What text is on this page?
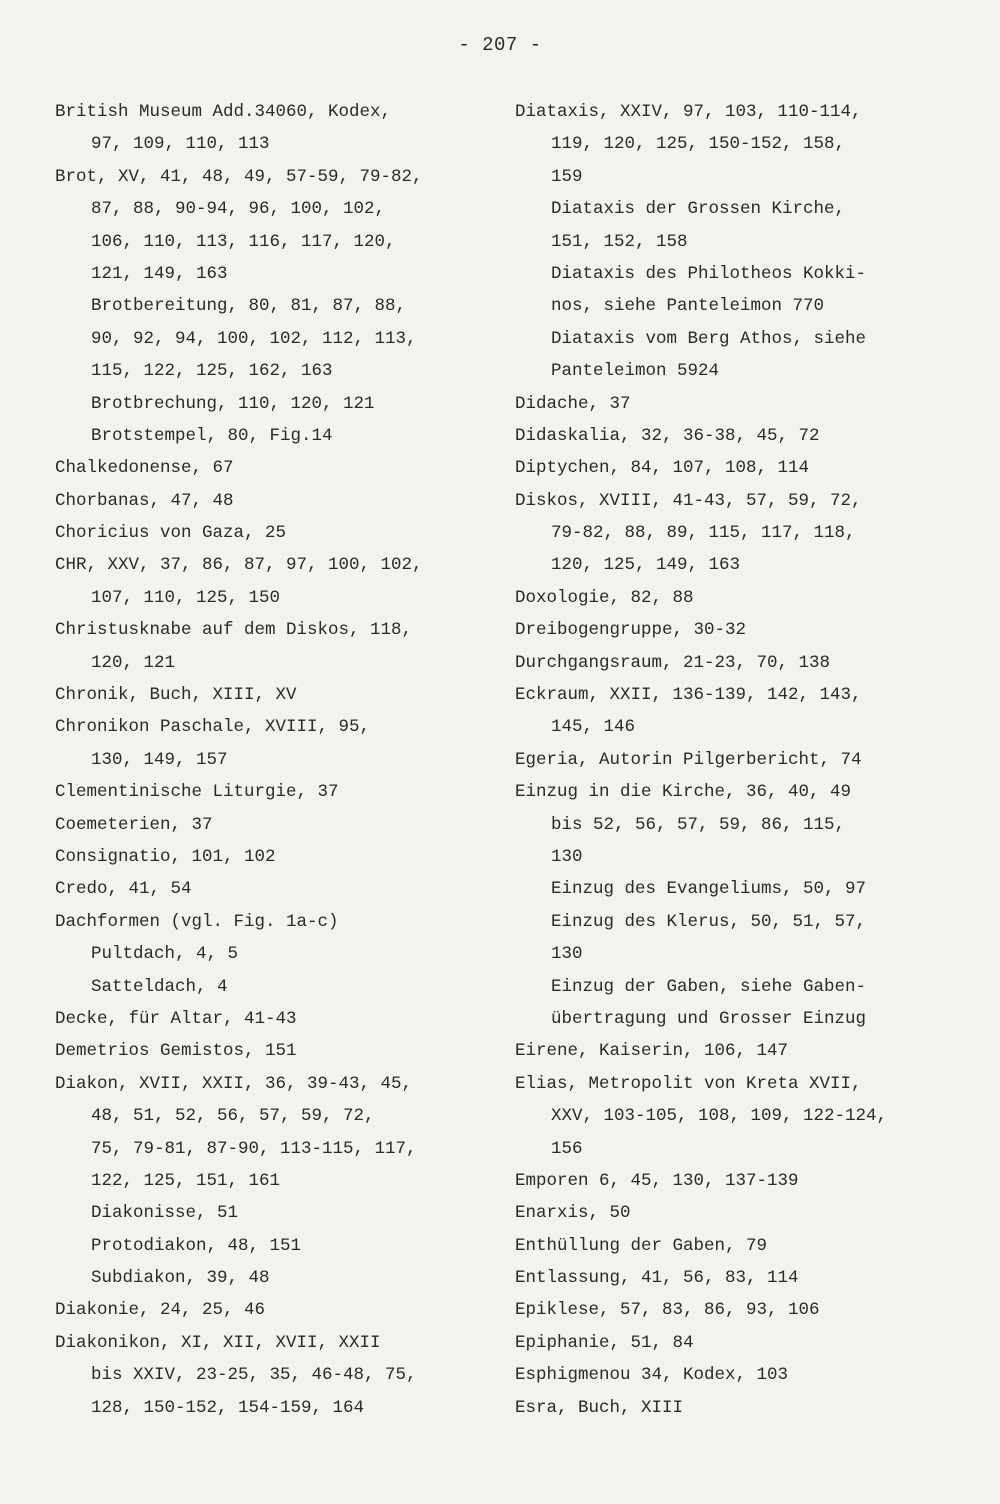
- 207 -
British Museum Add.34060, Kodex,
97, 109, 110, 113
Brot, XV, 41, 48, 49, 57-59, 79-82,
87, 88, 90-94, 96, 100, 102,
106, 110, 113, 116, 117, 120,
121, 149, 163
Brotbereitung, 80, 81, 87, 88,
90, 92, 94, 100, 102, 112, 113,
115, 122, 125, 162, 163
Brotbrechung, 110, 120, 121
Brotstempel, 80, Fig.14
Chalkedonense, 67
Chorbanas, 47, 48
Choricius von Gaza, 25
CHR, XXV, 37, 86, 87, 97, 100, 102,
107, 110, 125, 150
Christusknabe auf dem Diskos, 118,
120, 121
Chronik, Buch, XIII, XV
Chronikon Paschale, XVIII, 95,
130, 149, 157
Clementinische Liturgie, 37
Coemeterien, 37
Consignatio, 101, 102
Credo, 41, 54
Dachformen (vgl. Fig. 1a-c)
Pultdach, 4, 5
Satteldach, 4
Decke, für Altar, 41-43
Demetrios Gemistos, 151
Diakon, XVII, XXII, 36, 39-43, 45,
48, 51, 52, 56, 57, 59, 72,
75, 79-81, 87-90, 113-115, 117,
122, 125, 151, 161
Diakonisse, 51
Protodiakon, 48, 151
Subdiakon, 39, 48
Diakonie, 24, 25, 46
Diakonikon, XI, XII, XVII, XXII
bis XXIV, 23-25, 35, 46-48, 75,
128, 150-152, 154-159, 164
Diataxis, XXIV, 97, 103, 110-114,
119, 120, 125, 150-152, 158,
159
Diataxis der Grossen Kirche,
151, 152, 158
Diataxis des Philotheos Kokki-
nos, siehe Panteleimon 770
Diataxis vom Berg Athos, siehe
Panteleimon 5924
Didache, 37
Didaskalia, 32, 36-38, 45, 72
Diptychen, 84, 107, 108, 114
Diskos, XVIII, 41-43, 57, 59, 72,
79-82, 88, 89, 115, 117, 118,
120, 125, 149, 163
Doxologie, 82, 88
Dreibogengruppe, 30-32
Durchgangsraum, 21-23, 70, 138
Eckraum, XXII, 136-139, 142, 143,
145, 146
Egeria, Autorin Pilgerbericht, 74
Einzug in die Kirche, 36, 40, 49
bis 52, 56, 57, 59, 86, 115,
130
Einzug des Evangeliums, 50, 97
Einzug des Klerus, 50, 51, 57,
130
Einzug der Gaben, siehe Gaben-
übertragung und Grosser Einzug
Eirene, Kaiserin, 106, 147
Elias, Metropolit von Kreta XVII,
XXV, 103-105, 108, 109, 122-124,
156
Emporen 6, 45, 130, 137-139
Enarxis, 50
Enthüllung der Gaben, 79
Entlassung, 41, 56, 83, 114
Epiklese, 57, 83, 86, 93, 106
Epiphanie, 51, 84
Esphigmenou 34, Kodex, 103
Esra, Buch, XIII
